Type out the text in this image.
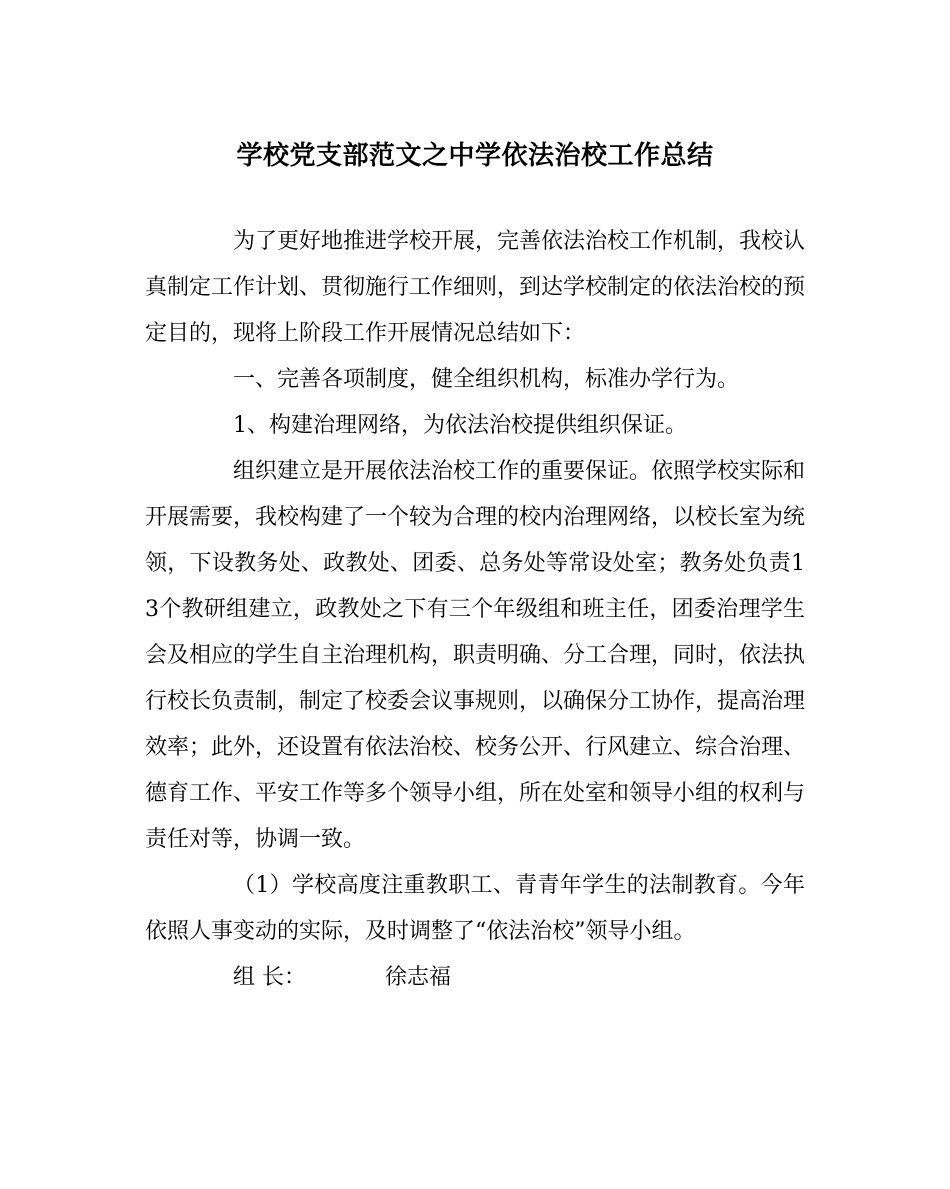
学校党支部范文之中学依法治校工作总结

为了更好地推进学校开展，完善依法治校工作机制，我校认真制定工作计划、贯彻施行工作细则，到达学校制定的依法治校的预定目的，现将上阶段工作开展情况总结如下：

一、完善各项制度，健全组织机构，标准办学行为。

1、构建治理网络，为依法治校提供组织保证。

组织建立是开展依法治校工作的重要保证。依照学校实际和开展需要，我校构建了一个较为合理的校内治理网络，以校长室为统领，下设教务处、政教处、团委、总务处等常设处室；教务处负责13个教研组建立，政教处之下有三个年级组和班主任，团委治理学生会及相应的学生自主治理机构，职责明确、分工合理，同时，依法执行校长负责制，制定了校委会议事规则，以确保分工协作，提高治理效率；此外，还设置有依法治校、校务公开、行风建立、综合治理、德育工作、平安工作等多个领导小组，所在处室和领导小组的权利与责任对等，协调一致。

（1）学校高度注重教职工、青青年学生的法制教育。今年依照人事变动的实际，及时调整了“依法治校”领导小组。

组 长：	徐志福
